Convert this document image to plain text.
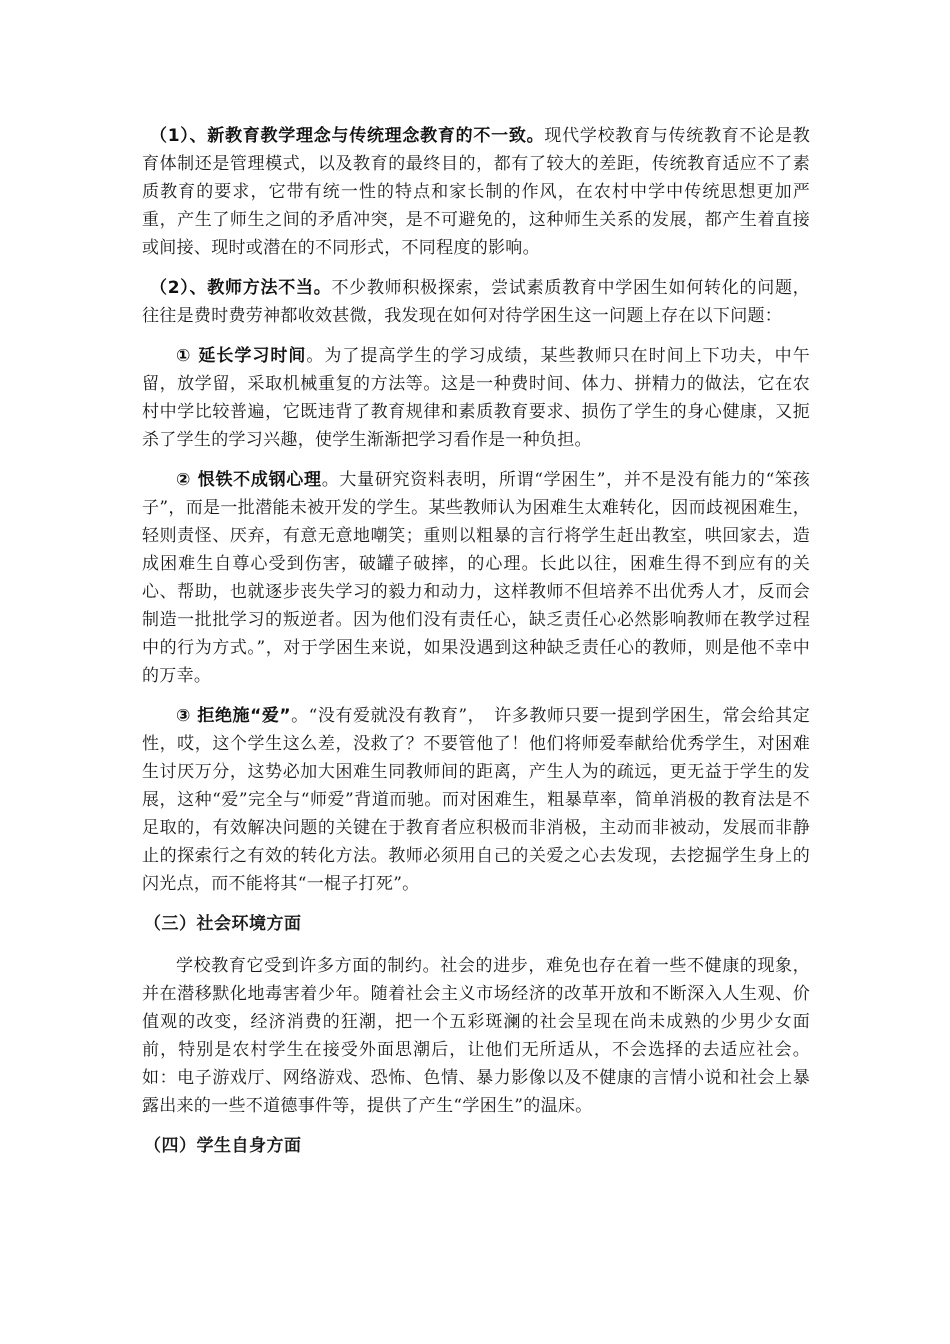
（1）、新教育教学理念与传统理念教育的不一致。现代学校教育与传统教育不论是教育体制还是管理模式，以及教育的最终目的，都有了较大的差距，传统教育适应不了素质教育的要求，它带有统一性的特点和家长制的作风，在农村中学中传统思想更加严重，产生了师生之间的矛盾冲突，是不可避免的，这种师生关系的发展，都产生着直接或间接、现时或潜在的不同形式，不同程度的影响。

（2）、教师方法不当。不少教师积极探索，尝试素质教育中学困生如何转化的问题，往往是费时费劳神都收效甚微，我发现在如何对待学困生这一问题上存在以下问题：

① 延长学习时间。为了提高学生的学习成绩，某些教师只在时间上下功夫，中午留，放学留，采取机械重复的方法等。这是一种费时间、体力、拼精力的做法，它在农村中学比较普遍，它既违背了教育规律和素质教育要求、损伤了学生的身心健康，又扼杀了学生的学习兴趣，使学生渐渐把学习看作是一种负担。

② 恨铁不成钢心理。大量研究资料表明，所谓“学困生”，并不是没有能力的“笨孩子”，而是一批潜能未被开发的学生。某些教师认为困难生太难转化，因而歧视困难生，轻则责怪、厌弃，有意无意地嘲笑；重则以粗暴的言行将学生赶出教室，哄回家去，造成困难生自尊心受到伤害，破罐子破摔，的心理。长此以往，困难生得不到应有的关心、帮助，也就逐步丧失学习的毅力和动力，这样教师不但培养不出优秀人才，反而会制造一批批学习的叛逆者。因为他们没有责任心，缺乏责任心必然影响教师在教学过程中的行为方式。”，对于学困生来说，如果没遇到这种缺乏责任心的教师，则是他不幸中的万幸。

③ 拒绝施“爱”。“没有爱就没有教育”，　许多教师只要一提到学困生，常会给其定性，哎，这个学生这么差，没救了？不要管他了！他们将师爱奉献给优秀学生，对困难生讨厌万分，这势必加大困难生同教师间的距离，产生人为的疏远，更无益于学生的发展，这种“爱”完全与“师爱”背道而驰。而对困难生，粗暴草率，简单消极的教育法是不足取的，有效解决问题的关键在于教育者应积极而非消极，主动而非被动，发展而非静止的探索行之有效的转化方法。教师必须用自己的关爱之心去发现，去挖掘学生身上的闪光点，而不能将其“一棍子打死”。

（三）社会环境方面

学校教育它受到许多方面的制约。社会的进步，难免也存在着一些不健康的现象，并在潜移默化地毒害着少年。随着社会主义市场经济的改革开放和不断深入人生观、价值观的改变，经济消费的狂潮，把一个五彩斑澜的社会呈现在尚未成熟的少男少女面前，特别是农村学生在接受外面思潮后，让他们无所适从，不会选择的去适应社会。如：电子游戏厅、网络游戏、恐怖、色情、暴力影像以及不健康的言情小说和社会上暴露出来的一些不道德事件等，提供了产生“学困生”的温床。

（四）学生自身方面
